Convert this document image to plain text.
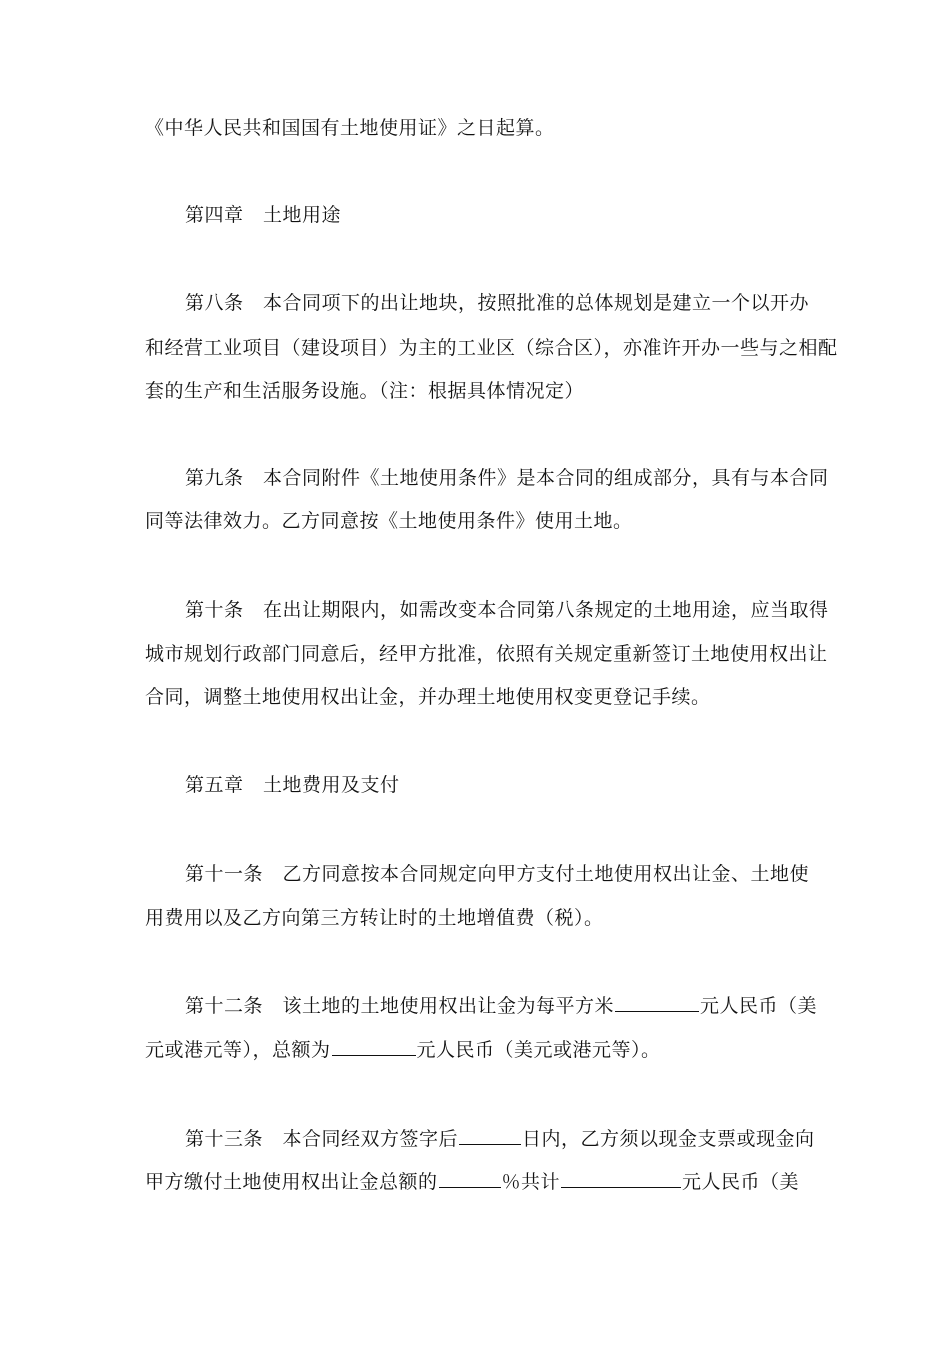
《中华人民共和国国有土地使用证》之日起算。
第四章　土地用途
第八条　本合同项下的出让地块，按照批准的总体规划是建立一个以开办
和经营工业项目（建设项目）为主的工业区（综合区），亦准许开办一些与之相配
套的生产和生活服务设施。（注：根据具体情况定）
第九条　本合同附件《土地使用条件》是本合同的组成部分，具有与本合同
同等法律效力。乙方同意按《土地使用条件》使用土地。
第十条　在出让期限内，如需改变本合同第八条规定的土地用途，应当取得
城市规划行政部门同意后，经甲方批准，依照有关规定重新签订土地使用权出让
合同，调整土地使用权出让金，并办理土地使用权变更登记手续。
第五章　土地费用及支付
第十一条　乙方同意按本合同规定向甲方支付土地使用权出让金、土地使
用费用以及乙方向第三方转让时的土地增值费（税）。
第十二条　该土地的土地使用权出让金为每平方米	元人民币（美
元或港元等），总额为	元人民币（美元或港元等）。
第十三条　本合同经双方签字后	日内，乙方须以现金支票或现金向
甲方缴付土地使用权出让金总额的	％共计	元人民币（美
